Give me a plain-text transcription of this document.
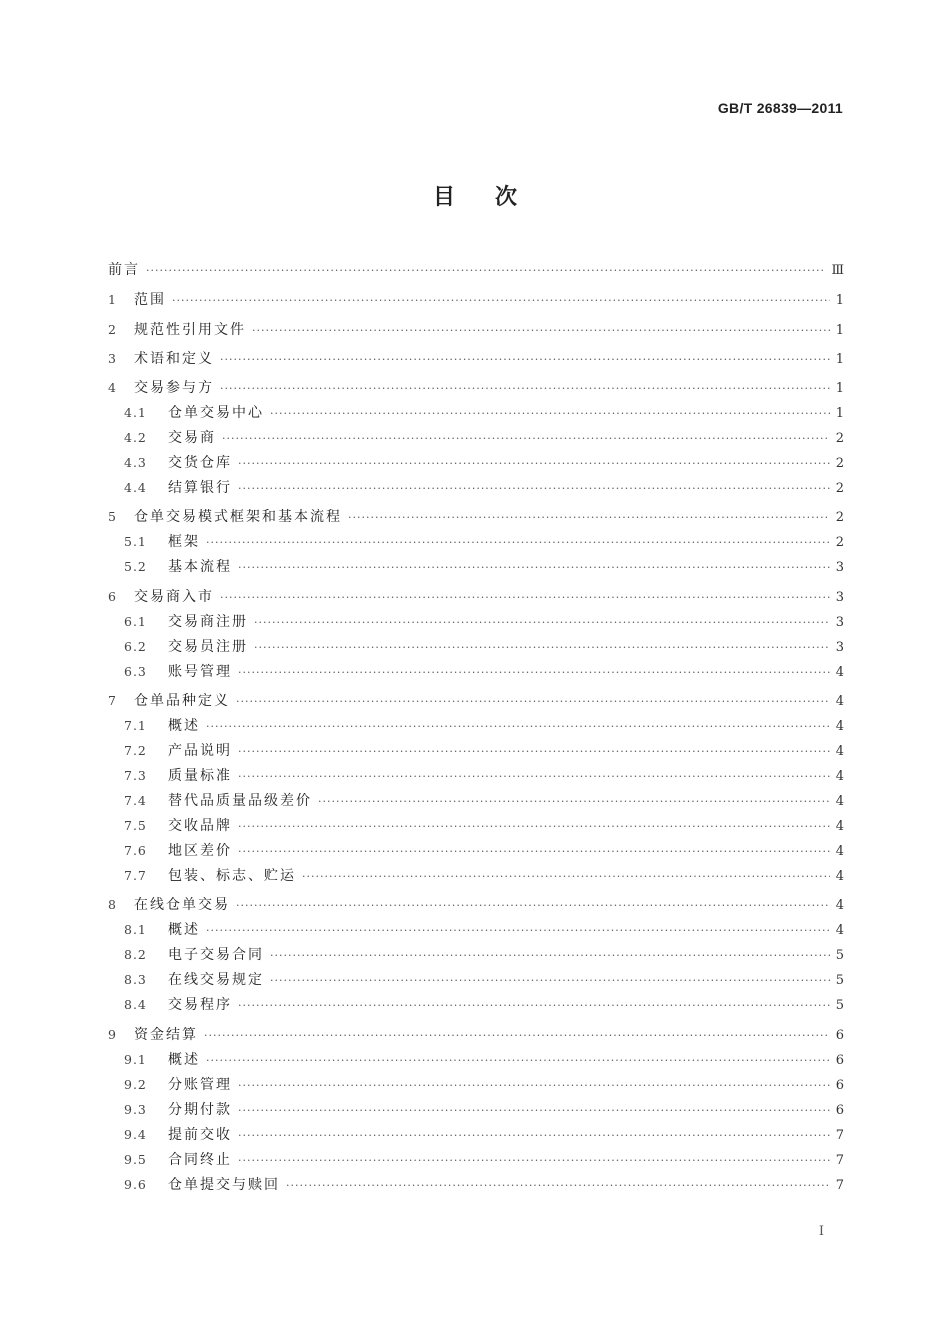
GB/T 26839—2011
目次
前言 ·····	Ⅲ
1	范围 ·····	1
2	规范性引用文件 ·····	1
3	术语和定义 ·····	1
4	交易参与方 ·····	1
4.1	仓单交易中心 ·····	1
4.2	交易商 ·····	2
4.3	交货仓库 ·····	2
4.4	结算银行 ·····	2
5	仓单交易模式框架和基本流程 ·····	2
5.1	框架 ·····	2
5.2	基本流程 ·····	3
6	交易商入市 ·····	3
6.1	交易商注册 ·····	3
6.2	交易员注册 ·····	3
6.3	账号管理 ·····	4
7	仓单品种定义 ·····	4
7.1	概述 ·····	4
7.2	产品说明 ·····	4
7.3	质量标准 ·····	4
7.4	替代品质量品级差价 ·····	4
7.5	交收品牌 ·····	4
7.6	地区差价 ·····	4
7.7	包装、标志、贮运 ·····	4
8	在线仓单交易 ·····	4
8.1	概述 ·····	4
8.2	电子交易合同 ·····	5
8.3	在线交易规定 ·····	5
8.4	交易程序 ·····	5
9	资金结算 ·····	6
9.1	概述 ·····	6
9.2	分账管理 ·····	6
9.3	分期付款 ·····	6
9.4	提前交收 ·····	7
9.5	合同终止 ·····	7
9.6	仓单提交与赎回 ·····	7
Ⅰ
